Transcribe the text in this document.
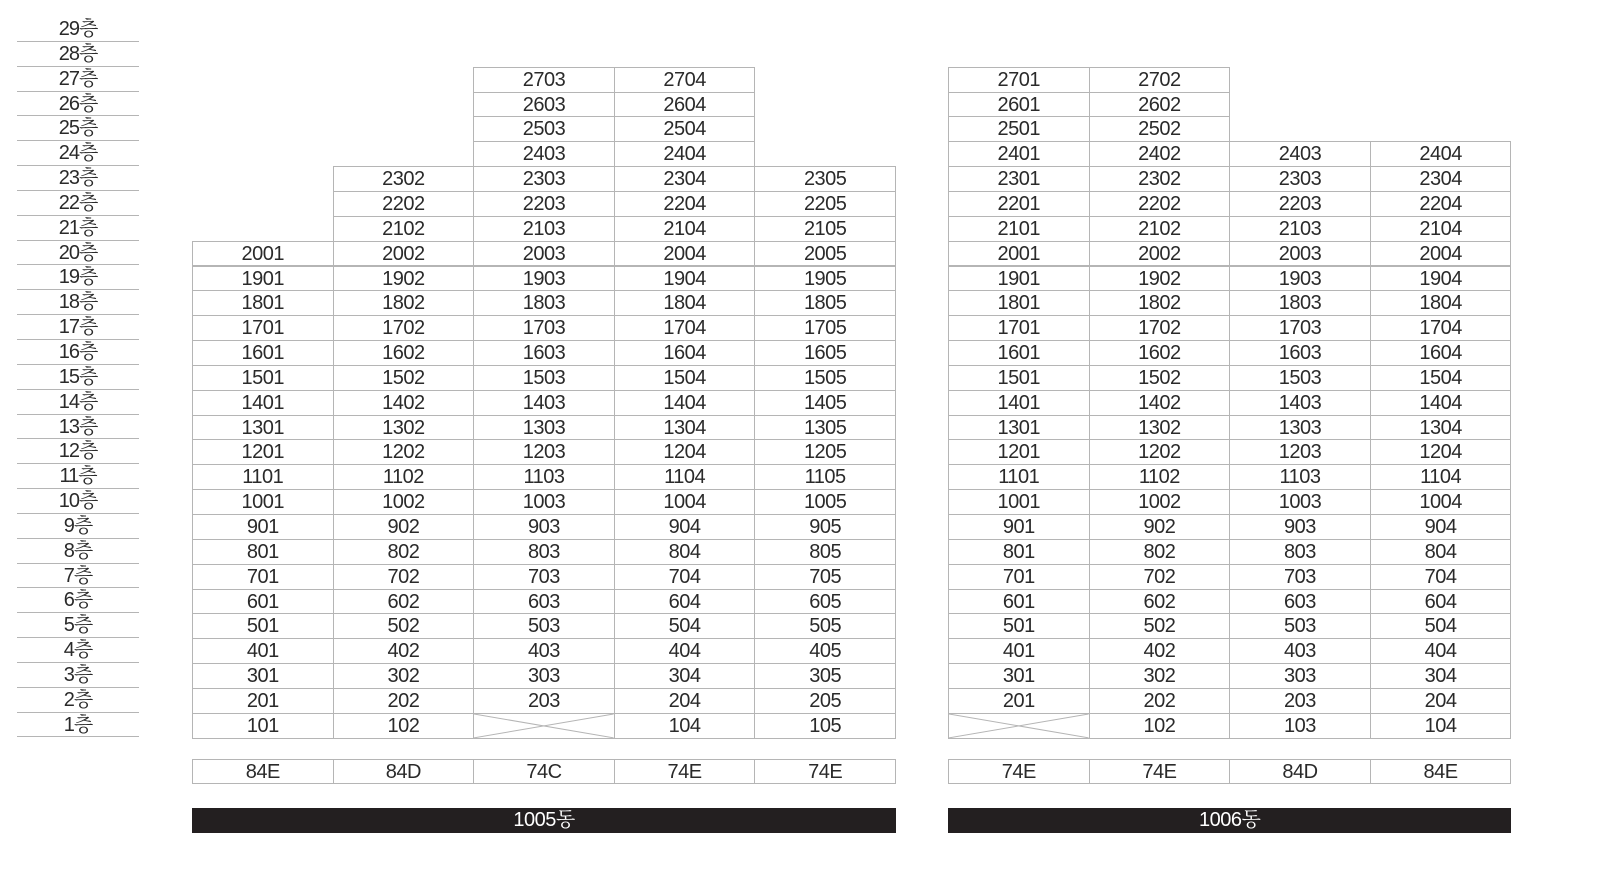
29층
28층
27층
26층
25층
24층
23층
22층
21층
20층
19층
18층
17층
16층
15층
14층
13층
12층
11층
10층
9층
8층
7층
6층
5층
4층
3층
2층
1층	101
201
301
401
501
601
701
801
901
1001
1101
1201
1301
1401
1501
1601
1701
1801
1901
2001
84E
102
202
302
402
502
602
702
802
902
1002
1102
1202
1302
1402
1502
1602
1702
1802
1902
2002
2102
2202
2302
84D
203
303
403
503
603
703
803
903
1003
1103
1203
1303
1403
1503
1603
1703
1803
1903
2003
2103
2203
2303
2403
2503
2603
2703
74C
104
204
304
404
504
604
704
804
904
1004
1104
1204
1304
1404
1504
1604
1704
1804
1904
2004
2104
2204
2304
2404
2504
2604
2704
74E
105
205
305
405
505
605
705
805
905
1005
1105
1205
1305
1405
1505
1605
1705
1805
1905
2005
2105
2205
2305
74E
1005동
201
301
401
501
601
701
801
901
1001
1101
1201
1301
1401
1501
1601
1701
1801
1901
2001
2101
2201
2301
2401
2501
2601
2701
74E
102
202
302
402
502
602
702
802
902
1002
1102
1202
1302
1402
1502
1602
1702
1802
1902
2002
2102
2202
2302
2402
2502
2602
2702
74E
103
203
303
403
503
603
703
803
903
1003
1103
1203
1303
1403
1503
1603
1703
1803
1903
2003
2103
2203
2303
2403
84D
104
204
304
404
504
604
704
804
904
1004
1104
1204
1304
1404
1504
1604
1704
1804
1904
2004
2104
2204
2304
2404
84E
1006동
